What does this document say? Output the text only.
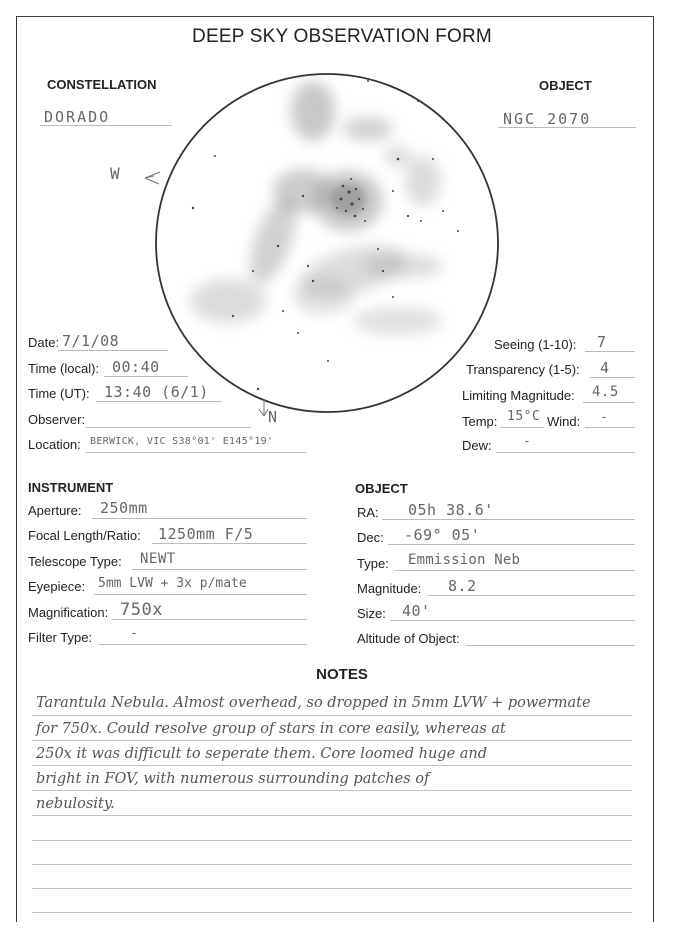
DEEP SKY OBSERVATION FORM
CONSTELLATION
DORADO
OBJECT
NGC 2070
W
N
Date: 7/1/08
Time (local): 00:40
Time (UT): 13:40 (6/1)
Observer:
Location: BERWICK, VIC S38°01' E145°19'
Seeing (1-10): 7
Transparency (1-5): 4
Limiting Magnitude: 4.5
Temp: 15°C Wind: -
Dew: -
INSTRUMENT
Aperture: 250mm
Focal Length/Ratio: 1250mm F/5
Telescope Type: NEWT
Eyepiece: 5mm LVW + 3x p/mate
Magnification: 750x
Filter Type:	-
OBJECT
RA: 05h 38.6'
Dec: -69° 05'
Type: Emmission Neb
Magnitude: 8.2
Size: 40'
Altitude of Object:
NOTES
Tarantula Nebula. Almost overhead, so dropped in 5mm LVW + powermate
for 750x. Could resolve group of stars in core easily, whereas at
250x it was difficult to seperate them. Core loomed huge and
bright in FOV, with numerous surrounding patches of
nebulosity.
